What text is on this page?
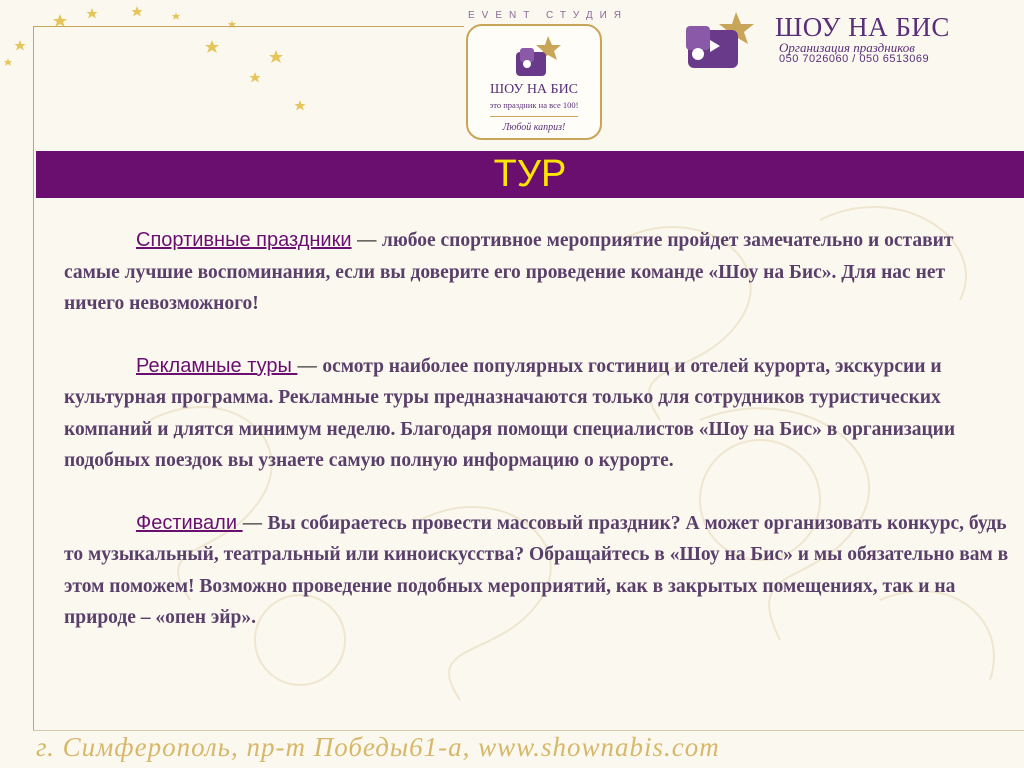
EVENT СТУДИЯ
ШОУ НА БИС
это праздник на все 100!
Любой каприз!
ШОУ НА БИС
Организация праздников
050 7026060 / 050 6513069
ТУР

Спортивные праздники — любое спортивное мероприятие пройдет замечательно и оставит самые лучшие воспоминания, если вы доверите его проведение команде «Шоу на Бис». Для нас нет ничего невозможного!

Рекламные туры — осмотр наиболее популярных гостиниц и отелей курорта, экскурсии и культурная программа. Рекламные туры предназначаются только для сотрудников туристических компаний и длятся минимум неделю. Благодаря помощи специалистов «Шоу на Бис» в организации подобных поездок вы узнаете самую полную информацию о курорте.

Фестивали — Вы собираетесь провести массовый праздник? А может организовать конкурс, будь то музыкальный, театральный или киноискусства? Обращайтесь в «Шоу на Бис» и мы обязательно вам в этом поможем! Возможно проведение подобных мероприятий, как в закрытых помещениях, так и на природе – «опен эйр».

г. Симферополь, пр-т Победы61-а, www.shownabis.com
